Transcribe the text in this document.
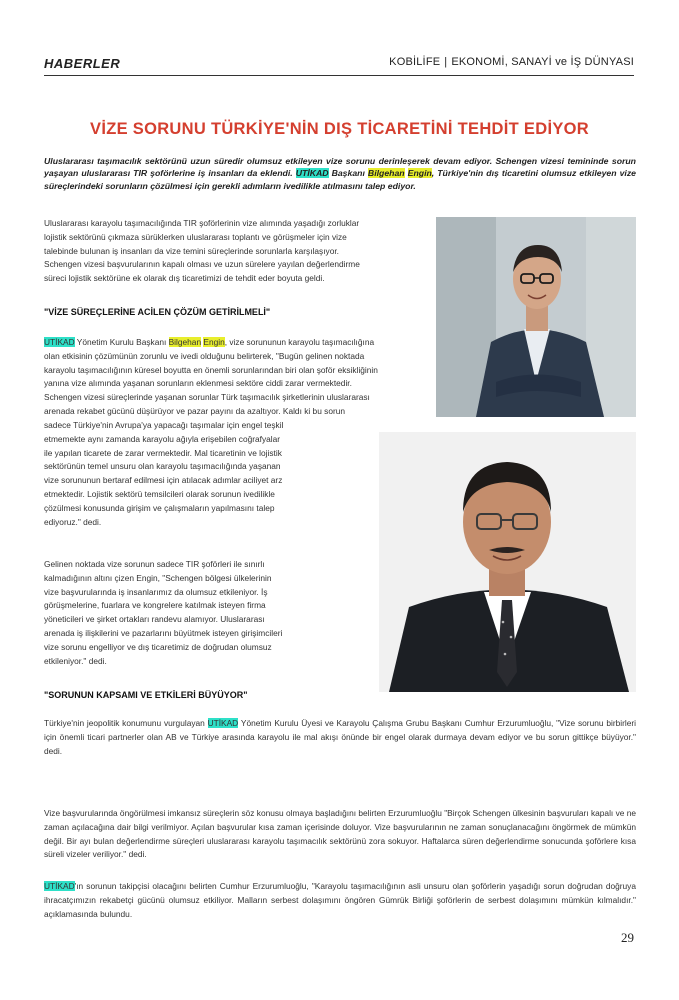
HABERLER	KOBİLİFE | EKONOMİ, SANAYİ ve İŞ DÜNYASI
VİZE SORUNU TÜRKİYE'NİN DIŞ TİCARETİNİ TEHDİT EDİYOR
Uluslararası taşımacılık sektörünü uzun süredir olumsuz etkileyen vize sorunu derinleşerek devam ediyor. Schengen vizesi temininde sorun yaşayan uluslararası TIR şoförlerine iş insanları da eklendi. UTİKAD Başkanı Bilgehan Engin, Türkiye'nin dış ticaretini olumsuz etkileyen vize süreçlerindeki sorunların çözülmesi için gerekli adımların ivedilikle atılmasını talep ediyor.
Uluslararası karayolu taşımacılığında TIR şoförlerinin vize alımında yaşadığı zorluklar
lojistik sektörünü çıkmaza sürüklerken uluslararası toplantı ve görüşmeler için vize
talebinde bulunan iş insanları da vize temini süreçlerinde sorunlarla karşılaşıyor.
Schengen vizesi başvurularının kapalı olması ve uzun sürelere yayılan değerlendirme
süreci lojistik sektörüne ek olarak dış ticaretimizi de tehdit eder boyuta geldi.
"VİZE SÜREÇLERİNE ACİLEN ÇÖZÜM GETİRİLMELİ"
UTİKAD Yönetim Kurulu Başkanı Bilgehan Engin, vize sorununun karayolu taşımacılığına
olan etkisinin çözümünün zorunlu ve ivedi olduğunu belirterek, "Bugün gelinen noktada
karayolu taşımacılığının küresel boyutta en önemli sorunlarından biri olan şoför eksikliğinin
yanına vize alımında yaşanan sorunların eklenmesi sektöre ciddi zarar vermektedir.
Schengen vizesi süreçlerinde yaşanan sorunlar Türk taşımacılık şirketlerinin uluslararası
arenada rekabet gücünü düşürüyor ve pazar payını da azaltıyor. Kaldı ki bu sorun
sadece Türkiye'nin Avrupa'ya yapacağı taşımalar için engel teşkil
etmemekte aynı zamanda karayolu ağıyla erişebilen coğrafyalar
ile yapılan ticarete de zarar vermektedir. Mal ticaretinin ve lojistik
sektörünün temel unsuru olan karayolu taşımacılığında yaşanan
vize sorununun bertaraf edilmesi için atılacak adımlar aciliyet arz
etmektedir. Lojistik sektörü temsilcileri olarak sorunun ivedilikle
çözülmesi konusunda girişim ve çalışmaların yapılmasını talep
ediyoruz." dedi.
Gelinen noktada vize sorunun sadece TIR şoförleri ile sınırlı
kalmadığının altını çizen Engin, "Schengen bölgesi ülkelerinin
vize başvurularında iş insanlarımız da olumsuz etkileniyor. İş
görüşmelerine, fuarlara ve kongrelere katılmak isteyen firma
yöneticileri ve şirket ortakları randevu alamıyor. Uluslararası
arenada iş ilişkilerini ve pazarlarını büyütmek isteyen girişimcileri
vize sorunu engelliyor ve dış ticaretimiz de doğrudan olumsuz
etkileniyor." dedi.
"SORUNUN KAPSAMI VE ETKİLERİ BÜYÜYOR"
Türkiye'nin jeopolitik konumunu vurgulayan UTİKAD Yönetim Kurulu Üyesi ve Karayolu Çalışma Grubu Başkanı Cumhur Erzurumluoğlu, "Vize sorunu birbirleri için önemli ticari partnerler olan AB ve Türkiye arasında karayolu ile mal akışı önünde bir engel olarak durmaya devam ediyor ve bu sorun gittikçe büyüyor." dedi.
Vize başvurularında öngörülmesi imkansız süreçlerin söz konusu olmaya başladığını belirten Erzurumluoğlu "Birçok Schengen ülkesinin başvuruları kapalı ve ne zaman açılacağına dair bilgi verilmiyor. Açılan başvurular kısa zaman içerisinde doluyor. Vize başvurularının ne zaman sonuçlanacağını öngörmek de mümkün değil. Bir ayı bulan değerlendirme süreçleri uluslararası karayolu taşımacılık sektörünü zora sokuyor. Haftalarca süren değerlendirme sonucunda şoförlere kısa süreli vizeler veriliyor." dedi.
UTİKAD'ın sorunun takipçisi olacağını belirten Cumhur Erzurumluoğlu, "Karayolu taşımacılığının asli unsuru olan şoförlerin yaşadığı sorun doğrudan doğruya ihracatçımızın rekabetçi gücünü olumsuz etkiliyor. Malların serbest dolaşımını öngören Gümrük Birliği şoförlerin de serbest dolaşımını mümkün kılmalıdır." açıklamasında bulundu.
29
